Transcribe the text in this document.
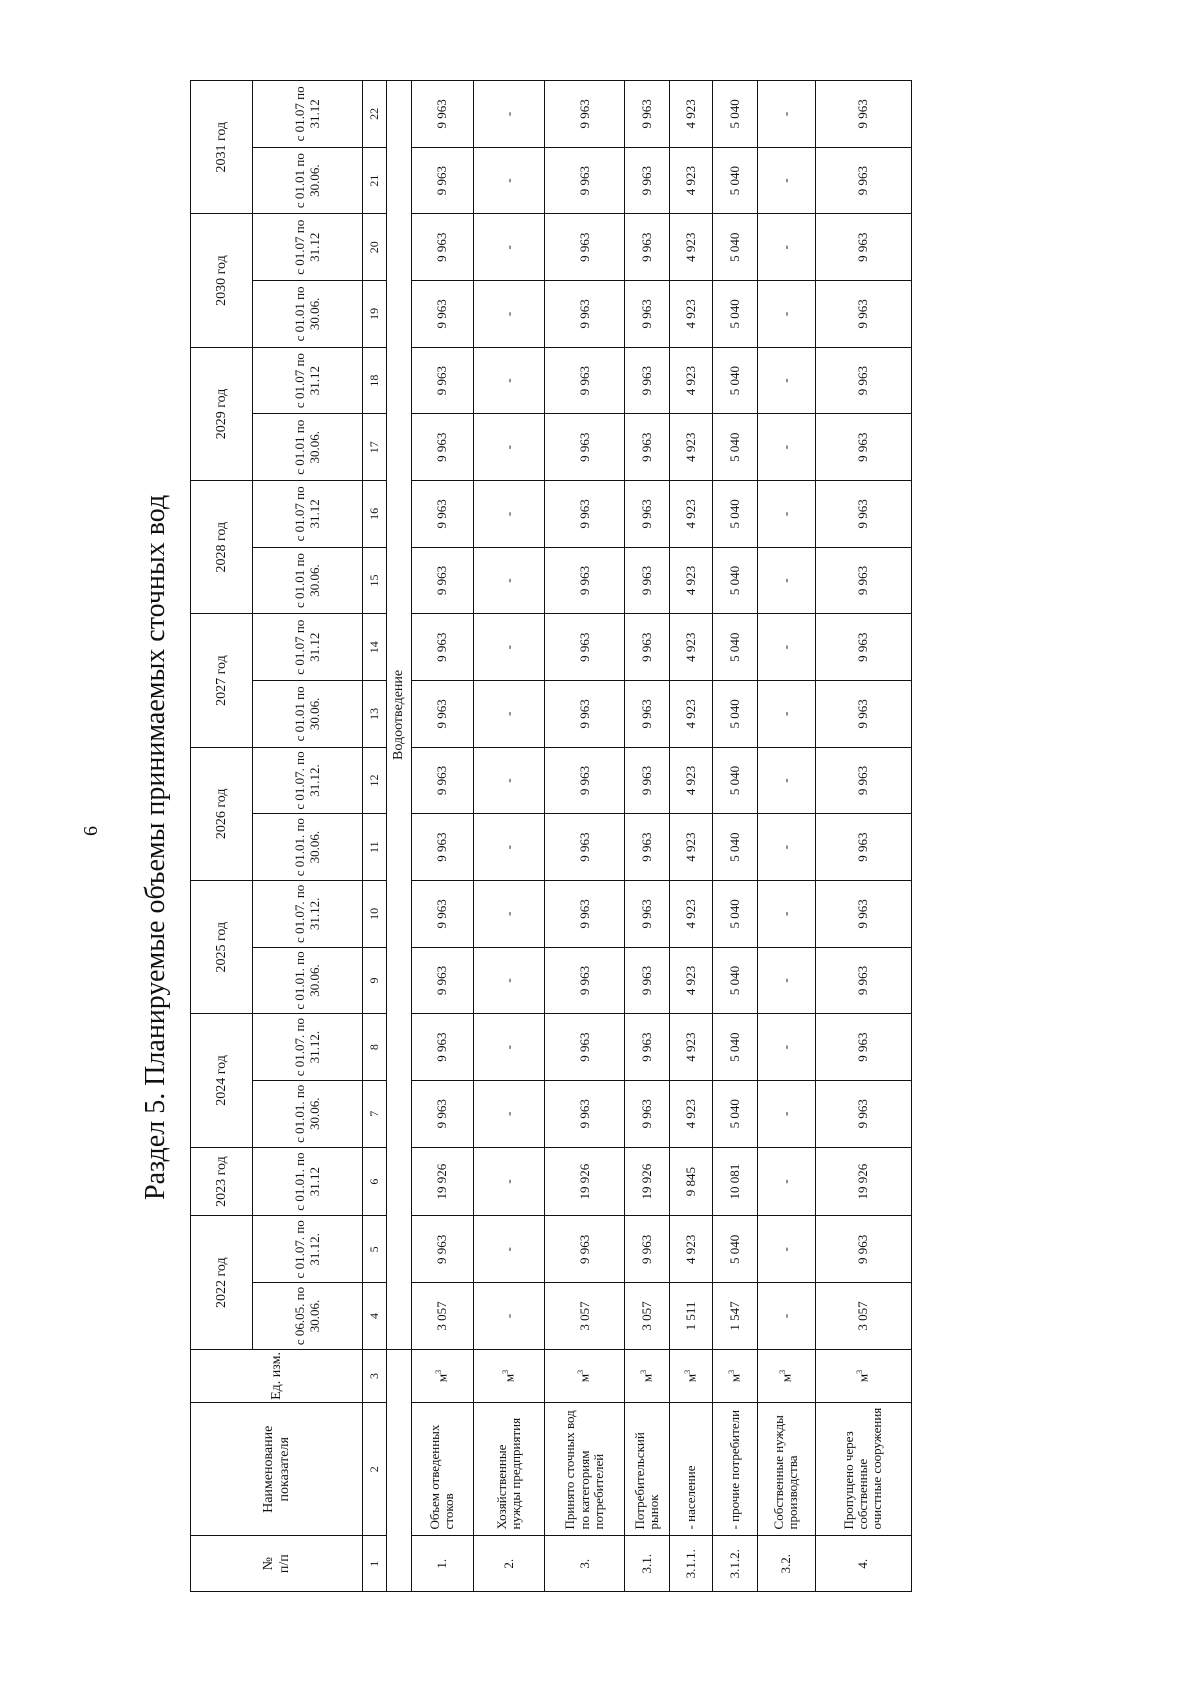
6 Раздел 5. Планируемые объемы принимаемых сточных вод
№
п/п	Наименование показателя	Ед. изм.	2022 год		2023 год	2024 год		2025 год		2026 год		2027 год		2028 год		2029 год		2030 год		2031 год	
			с 06.05. по 30.06.	с 01.07. по 31.12.	с 01.01. по 31.12	с 01.01. по 30.06.	с 01.07. по 31.12.	с 01.01. по 30.06.	с 01.07. по 31.12.	с 01.01. по 30.06.	с 01.07. по 31.12.	с 01.01 по 30.06.	с 01.07 по 31.12	с 01.01 по 30.06.	с 01.07 по 31.12	с 01.01 по 30.06.	с 01.07 по 31.12	с 01.01 по 30.06.	с 01.07 по 31.12	с 01.01 по 30.06.	с 01.07 по 31.12
1	2	3	4	5	6	7	8	9	10	11	12	13	14	15	16	17	18	19	20	21	22
			Водоотведение																		
1.	Объем отведенных стоков	$м^3$	3 057	9 963	19 926	9 963	9 963	9 963	9 963	9 963	9 963	9 963	9 963	9 963	9 963	9 963	9 963	9 963	9 963	9 963	9 963
2.	Хозяйственные нужды предприятия	$м^3$	-	-	-	-	-	-	-	-	-	-	-	-	-	-	-	-	-	-	-
3.	Принято сточных вод по категориям потребителей	$м^3$	3 057	9 963	19 926	9 963	9 963	9 963	9 963	9 963	9 963	9 963	9 963	9 963	9 963	9 963	9 963	9 963	9 963	9 963	9 963
3.1.	Потребительский рынок	$м^3$	3 057	9 963	19 926	9 963	9 963	9 963	9 963	9 963	9 963	9 963	9 963	9 963	9 963	9 963	9 963	9 963	9 963	9 963	9 963
3.1.1.	- население	$м^3$	1 511	4 923	9 845	4 923	4 923	4 923	4 923	4 923	4 923	4 923	4 923	4 923	4 923	4 923	4 923	4 923	4 923	4 923	4 923
3.1.2.	- прочие потребители	$м^3$	1 547	5 040	10 081	5 040	5 040	5 040	5 040	5 040	5 040	5 040	5 040	5 040	5 040	5 040	5 040	5 040	5 040	5 040	5 040
3.2.	Собственные нужды производства	$м^3$	-	-	-	-	-	-	-	-	-	-	-	-	-	-	-	-	-	-	-
4.	Пропущено через собственные очистные сооружения	$м^3$	3 057	9 963	19 926	9 963	9 963	9 963	9 963	9 963	9 963	9 963	9 963	9 963	9 963	9 963	9 963	9 963	9 963	9 963	9 963
